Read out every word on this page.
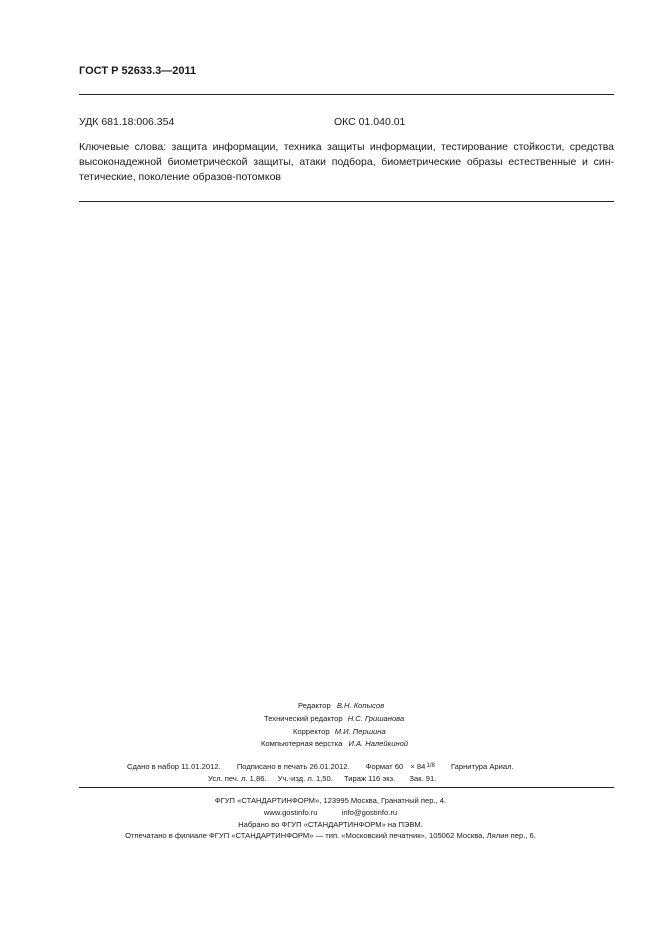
ГОСТ Р 52633.3—2011
УДК 681.18:006.354	ОКС 01.040.01
Ключевые слова: защита информации, техника защиты информации, тестирование стойкости, средства
высоконадежной биометрической защиты, атаки подбора, биометрические образы естественные и син-
тетические, поколение образов-потомков
Редактор В.Н. Копысов
Технический редактор Н.С. Гришанова
Корректор М.И. Першина
Компьютерная верстка И.А. Налейкиной
Сдано в набор 11.01.2012. Подписано в печать 26.01.2012. Формат 60 × 84 1/8 Гарнитура Ариал.
Усл. печ. л. 1,86. Уч.-изд. л. 1,50. Тираж 116 экз. Зак. 91.
ФГУП «СТАНДАРТИНФОРМ», 123995 Москва, Гранатный пер., 4.
www.gostinfo.ru	info@gostinfo.ru
Набрано во ФГУП «СТАНДАРТИНФОРМ» на ПЭВМ.
Отпечатано в филиале ФГУП «СТАНДАРТИНФОРМ» — тип. «Московский печатник», 105062 Москва, Лялин пер., 6.
